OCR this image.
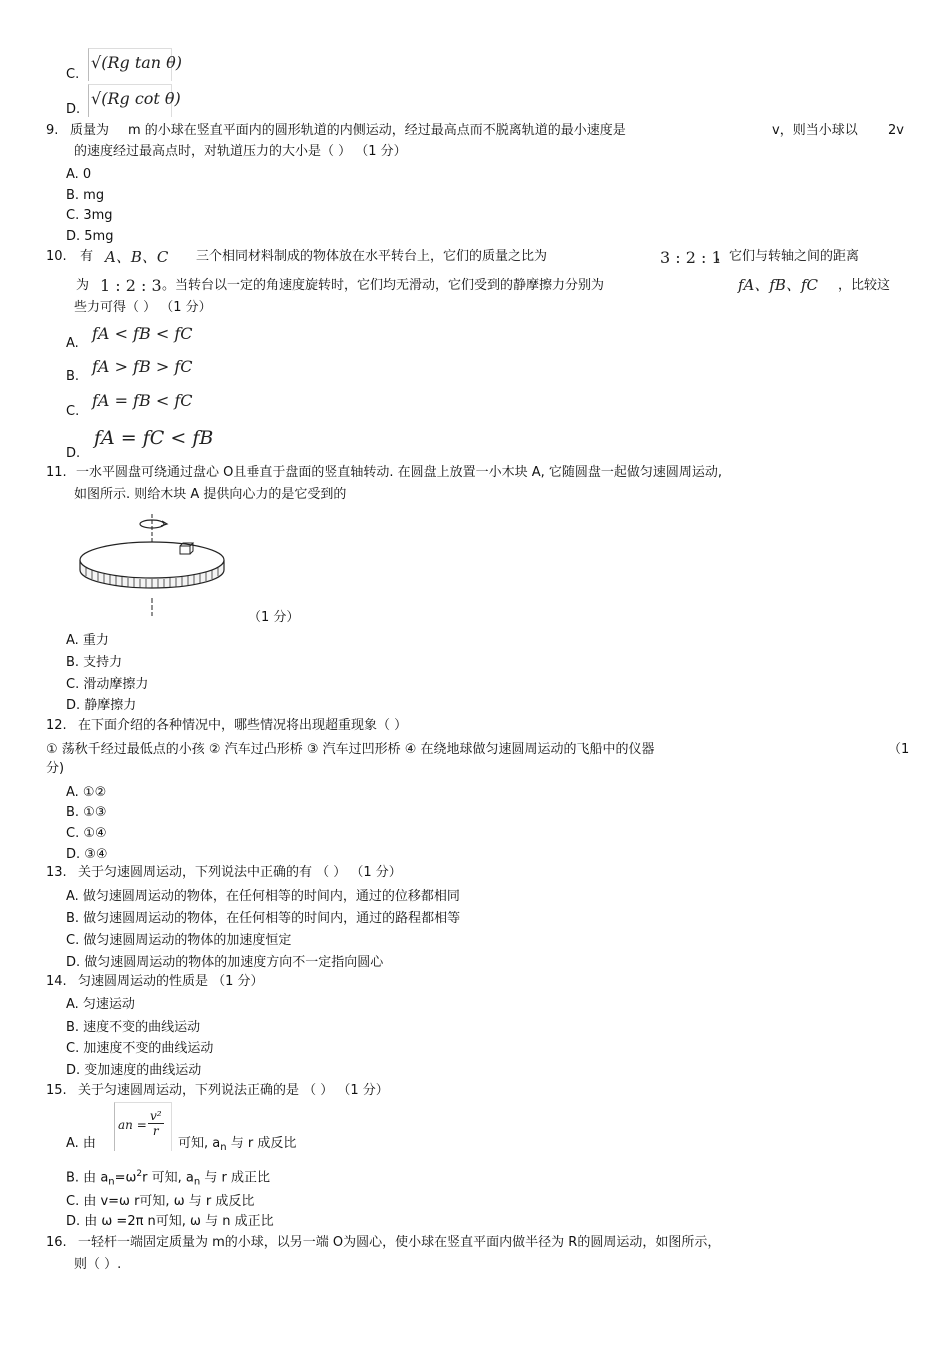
C.
√(Rg tan θ)
D.
√(Rg cot θ)
9. 质量为 m 的小球在竖直平面内的圆形轨道的内侧运动，经过最高点而不脱离轨道的最小速度是	v，则当小球以 2v
的速度经过最高点时，对轨道压力的大小是（ ） （1 分）
A. 0
B. mg
C. 3mg
D. 5mg
10. 有 A、B、C 三个相同材料制成的物体放在水平转台上，它们的质量之比为	3 : 2 : 1
，它们与转轴之间的距离
为 1 : 2 : 3 。当转台以一定的角速度旋转时，它们均无滑动，它们受到的静摩擦力分别为	fA、fB、fC ，比较这
些力可得（ ） （1 分）
A.
fA < fB < fC
B.
fA > fB > fC
C.
fA = fB < fC
D.
fA = fC < fB
11. 一水平圆盘可绕通过盘心 O且垂直于盘面的竖直轴转动. 在圆盘上放置一小木块 A, 它随圆盘一起做匀速圆周运动,
如图所示. 则给木块 A 提供向心力的是它受到的
（1 分）
A. 重力
B. 支持力
C. 滑动摩擦力
D. 静摩擦力
12. 在下面介绍的各种情况中，哪些情况将出现超重现象（ ）
① 荡秋千经过最低点的小孩 ② 汽车过凸形桥 ③ 汽车过凹形桥 ④ 在绕地球做匀速圆周运动的飞船中的仪器	（1
分)
A. ①②
B. ①③
C. ①④
D. ③④
13. 关于匀速圆周运动，下列说法中正确的有 （ ） （1 分）
A. 做匀速圆周运动的物体，在任何相等的时间内，通过的位移都相同
B. 做匀速圆周运动的物体，在任何相等的时间内，通过的路程都相等
C. 做匀速圆周运动的物体的加速度恒定
D. 做匀速圆周运动的物体的加速度方向不一定指向圆心
14. 匀速圆周运动的性质是 （1 分）
A. 匀速运动
B. 速度不变的曲线运动
C. 加速度不变的曲线运动
D. 变加速度的曲线运动
15. 关于匀速圆周运动，下列说法正确的是 （ ） （1 分）
A. 由
an = $\frac{\text{v²}}{r}$
可知, $a_n$ 与 r 成反比
B. 由 $a_n=\omega^2r$ 可知, $a_n$ 与 r 成正比
C. 由 v=ω r可知, ω 与 r 成反比
D. 由 ω =2π n可知, ω 与 n 成正比
16. 一轻杆一端固定质量为 m的小球，以另一端 O为圆心，使小球在竖直平面内做半径为 R的圆周运动，如图所示，
则（ ）.
